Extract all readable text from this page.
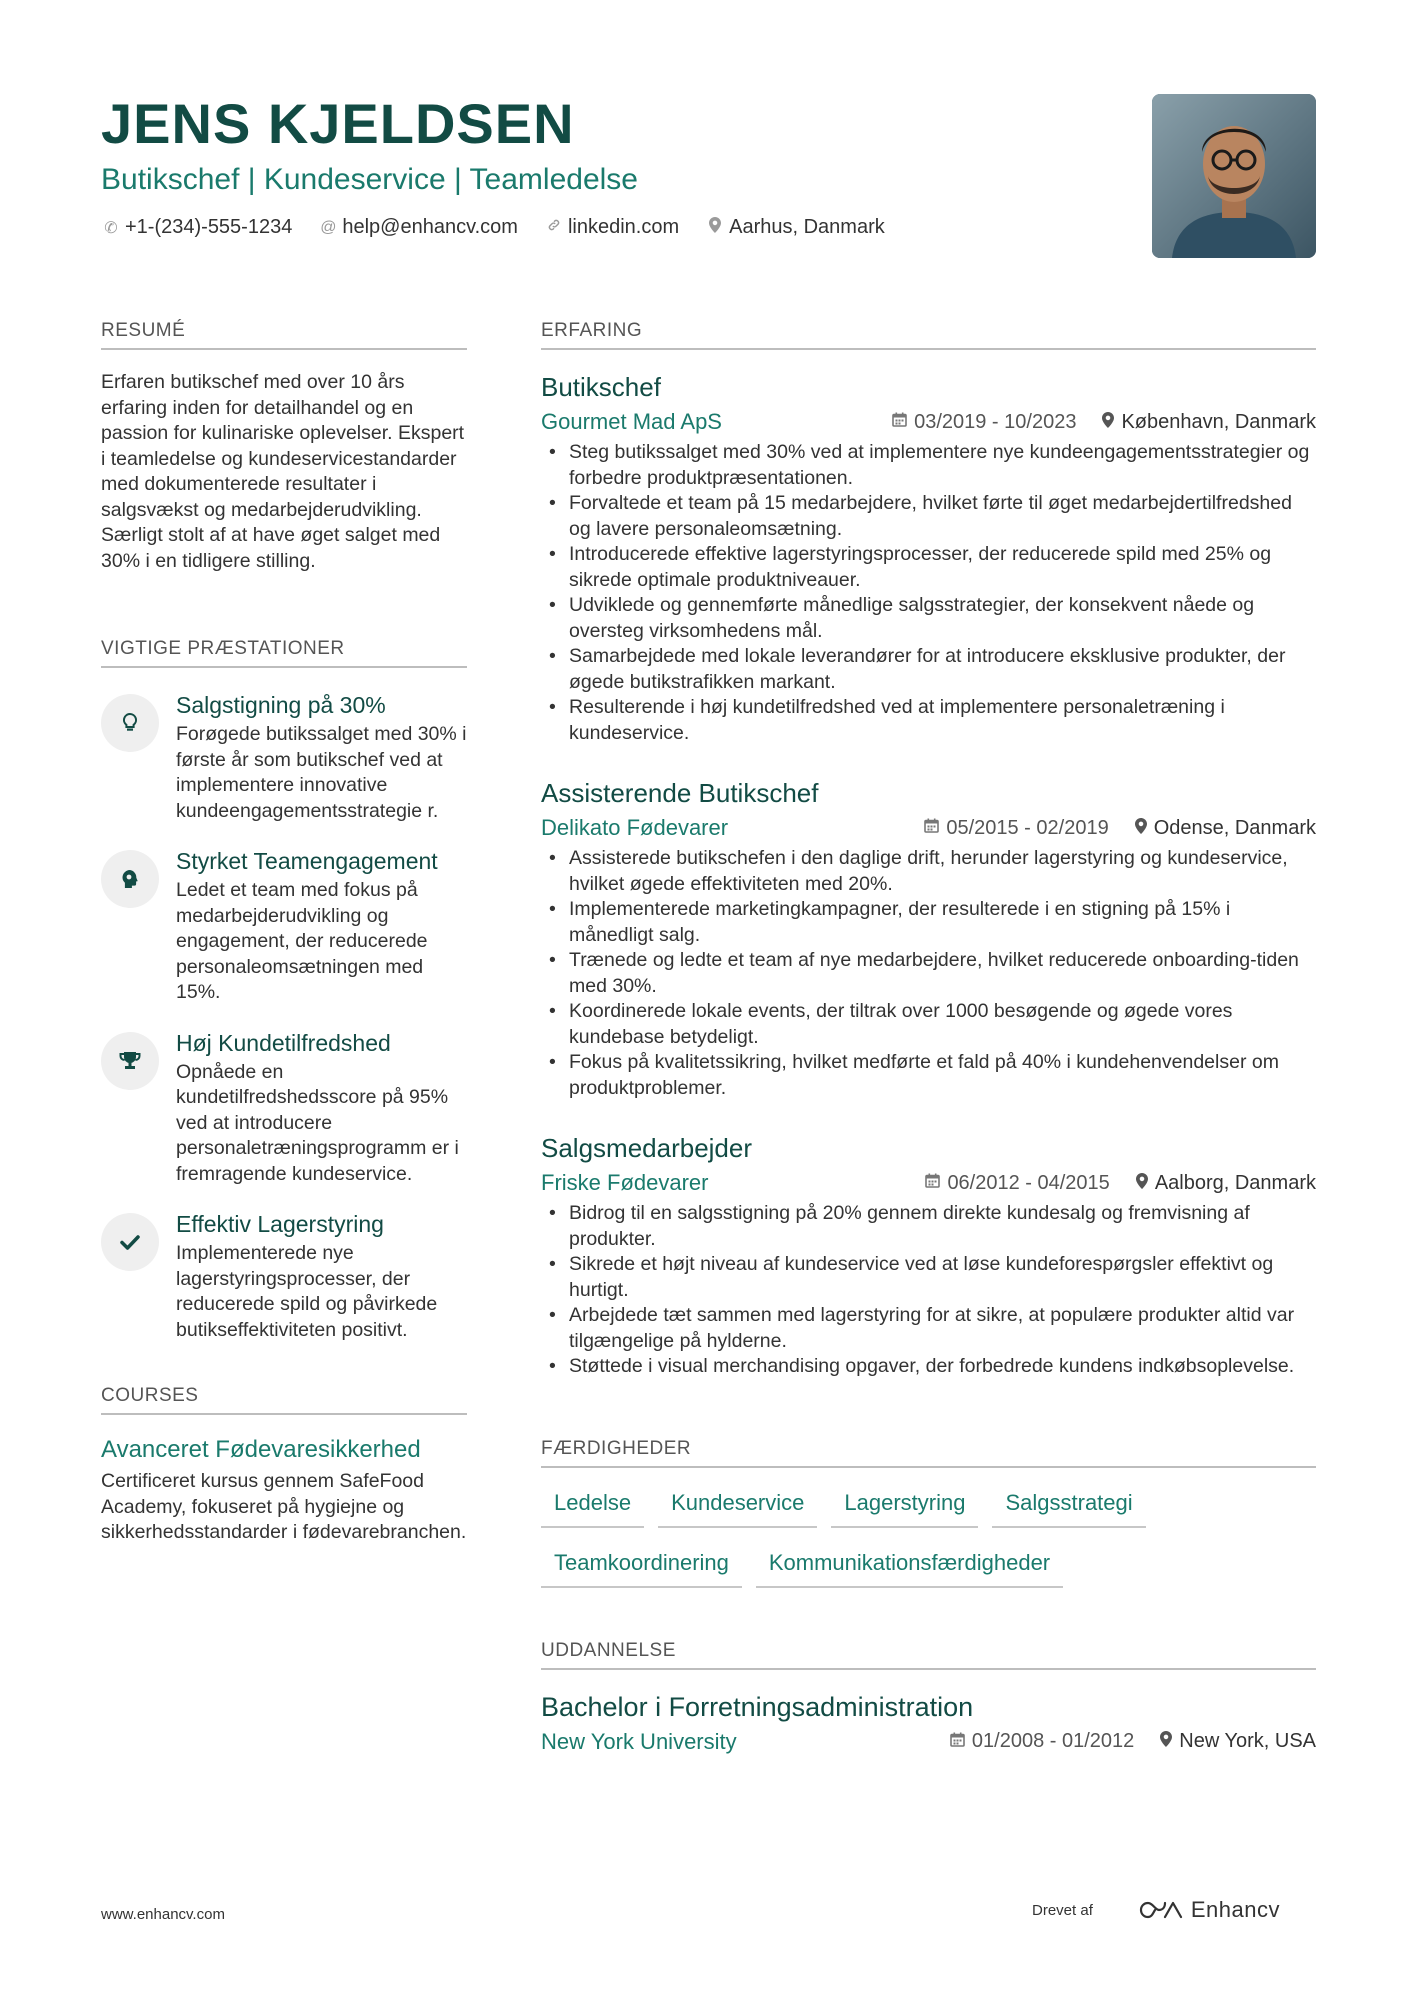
JENS KJELDSEN
Butikschef | Kundeservice | Teamledelse
✆ +1-(234)-555-1234 @ help@enhancv.com	linkedin.com	Aarhus, Danmark
RESUMÉ
Erfaren butikschef med over 10 års erfaring inden for detailhandel og en passion for kulinariske oplevelser. Ekspert i teamledelse og kundeservicestandarder med dokumenterede resultater i salgsvækst og medarbejderudvikling. Særligt stolt af at have øget salget med 30% i en tidligere stilling.
VIGTIGE PRÆSTATIONER
Salgstigning på 30%
Forøgede butikssalget med 30% i første år som butikschef ved at implementere innovative kundeengagementsstrategie r.
Styrket Teamengagement
Ledet et team med fokus på medarbejderudvikling og engagement, der reducerede personaleomsætningen med 15%.
Høj Kundetilfredshed
Opnåede en kundetilfredshedsscore på 95% ved at introducere personaletræningsprogramm er i fremragende kundeservice.
Effektiv Lagerstyring
Implementerede nye lagerstyringsprocesser, der reducerede spild og påvirkede butikseffektiviteten positivt.
COURSES
Avanceret Fødevaresikkerhed
Certificeret kursus gennem SafeFood Academy, fokuseret på hygiejne og sikkerhedsstandarder i fødevarebranchen.
ERFARING
Butikschef
Gourmet Mad ApS	03/2019 - 10/2023 København, Danmark
• Steg butikssalget med 30% ved at implementere nye kundeengagementsstrategier og forbedre produktpræsentationen.
• Forvaltede et team på 15 medarbejdere, hvilket førte til øget medarbejdertilfredshed og lavere personaleomsætning.
• Introducerede effektive lagerstyringsprocesser, der reducerede spild med 25% og sikrede optimale produktniveauer.
• Udviklede og gennemførte månedlige salgsstrategier, der konsekvent nåede og oversteg virksomhedens mål.
• Samarbejdede med lokale leverandører for at introducere eksklusive produkter, der øgede butikstrafikken markant.
• Resulterende i høj kundetilfredshed ved at implementere personaletræning i kundeservice.
Assisterende Butikschef
Delikato Fødevarer	05/2015 - 02/2019 Odense, Danmark
• Assisterede butikschefen i den daglige drift, herunder lagerstyring og kundeservice, hvilket øgede effektiviteten med 20%.
• Implementerede marketingkampagner, der resulterede i en stigning på 15% i månedligt salg.
• Trænede og ledte et team af nye medarbejdere, hvilket reducerede onboarding-tiden med 30%.
• Koordinerede lokale events, der tiltrak over 1000 besøgende og øgede vores kundebase betydeligt.
• Fokus på kvalitetssikring, hvilket medførte et fald på 40% i kundehenvendelser om produktproblemer.
Salgsmedarbejder
Friske Fødevarer	06/2012 - 04/2015 Aalborg, Danmark
• Bidrog til en salgsstigning på 20% gennem direkte kundesalg og fremvisning af produkter.
• Sikrede et højt niveau af kundeservice ved at løse kundeforespørgsler effektivt og hurtigt.
• Arbejdede tæt sammen med lagerstyring for at sikre, at populære produkter altid var tilgængelige på hylderne.
• Støttede i visual merchandising opgaver, der forbedrede kundens indkøbsoplevelse.
FÆRDIGHEDER
Ledelse	Kundeservice	Lagerstyring	Salgsstrategi
Teamkoordinering	Kommunikationsfærdigheder
UDDANNELSE
Bachelor i Forretningsadministration
New York University	01/2008 - 01/2012 New York, USA
www.enhancv.com	Drevet af	Enhancv
